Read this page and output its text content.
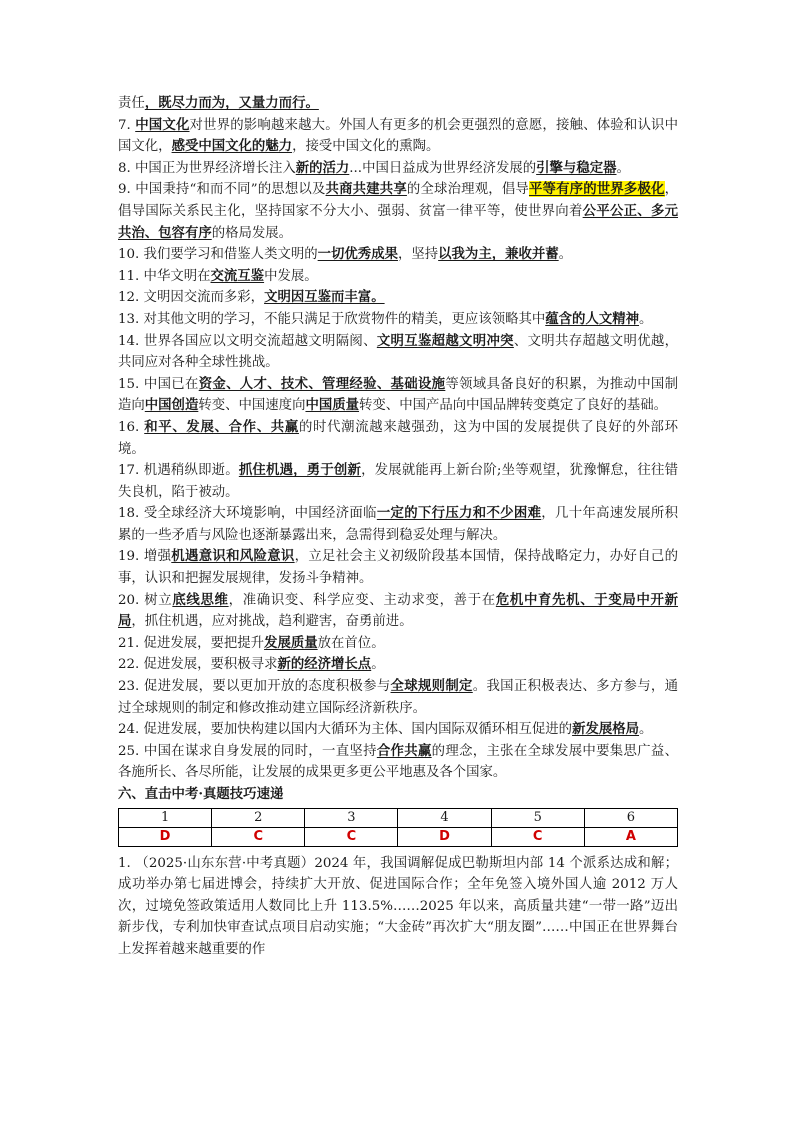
责任，既尽力而为，又量力而行。

7. 中国文化对世界的影响越来越大。外国人有更多的机会更强烈的意愿，接触、体验和认识中国文化，感受中国文化的魅力，接受中国文化的熏陶。

8. 中国正为世界经济增长注入新的活力...中国日益成为世界经济发展的引擎与稳定器。

9. 中国秉持“和而不同”的思想以及共商共建共享的全球治理观，倡导平等有序的世界多极化，倡导国际关系民主化，坚持国家不分大小、强弱、贫富一律平等，使世界向着公平公正、多元共治、包容有序的格局发展。

10. 我们要学习和借鉴人类文明的一切优秀成果，坚持以我为主，兼收并蓄。

11. 中华文明在交流互鉴中发展。

12. 文明因交流而多彩，文明因互鉴而丰富。

13. 对其他文明的学习，不能只满足于欣赏物件的精美，更应该领略其中蕴含的人文精神。

14. 世界各国应以文明交流超越文明隔阂、文明互鉴超越文明冲突、文明共存超越文明优越，共同应对各种全球性挑战。

15. 中国已在资金、人才、技术、管理经验、基础设施等领域具备良好的积累，为推动中国制造向中国创造转变、中国速度向中国质量转变、中国产品向中国品牌转变奠定了良好的基础。

16. 和平、发展、合作、共赢的时代潮流越来越强劲，这为中国的发展提供了良好的外部环境。

17. 机遇稍纵即逝。抓住机遇，勇于创新，发展就能再上新台阶;坐等观望，犹豫懈怠，往往错失良机，陷于被动。

18. 受全球经济大环境影响，中国经济面临一定的下行压力和不少困难，几十年高速发展所积累的一些矛盾与风险也逐渐暴露出来，急需得到稳妥处理与解决。

19. 增强机遇意识和风险意识，立足社会主义初级阶段基本国情，保持战略定力，办好自己的事，认识和把握发展规律，发扬斗争精神。

20. 树立底线思维，准确识变、科学应变、主动求变，善于在危机中育先机、于变局中开新局，抓住机遇，应对挑战，趋利避害，奋勇前进。

21. 促进发展，要把提升发展质量放在首位。

22. 促进发展，要积极寻求新的经济增长点。

23. 促进发展，要以更加开放的态度积极参与全球规则制定。我国正积极表达、多方参与，通过全球规则的制定和修改推动建立国际经济新秩序。

24. 促进发展，要加快构建以国内大循环为主体、国内国际双循环相互促进的新发展格局。

25. 中国在谋求自身发展的同时，一直坚持合作共赢的理念，主张在全球发展中要集思广益、各施所长、各尽所能，让发展的成果更多更公平地惠及各个国家。

六、直击中考·真题技巧速递

1	2	3	4	5	6
D	C	C	D	C	A

1. （2025·山东东营·中考真题）2024 年，我国调解促成巴勒斯坦内部 14 个派系达成和解；成功举办第七届进博会，持续扩大开放、促进国际合作；全年免签入境外国人逾 2012 万人次，过境免签政策适用人数同比上升 113.5%……2025 年以来，高质量共建“一带一路”迈出新步伐，专利加快审查试点项目启动实施；“大金砖”再次扩大“朋友圈”……中国正在世界舞台上发挥着越来越重要的作
